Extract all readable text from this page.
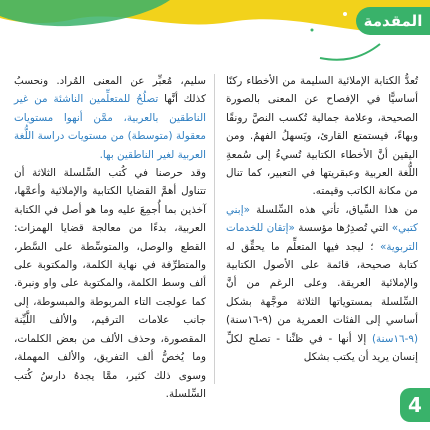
المقدمة

تُعدُّ الكتابة الإملائية السليمة من الأخطاء ركنًا أساسيًّا في الإفصاح عن المعنى بالصورة الصحيحة، وعلامة جمالية تُكسب النصَّ رونقًا وبهاءً، فيستمتع القارئ، ويَسهلُ الفهمُ. ومن اليقين أنَّ الأخطاء الكتابية تُسيءُ إلى سُمعةِ اللُّغة العربية وعبقريتها في التعبير، كما تنال من مكانة الكاتب وقيمته.

من هذا السِّياق، تأتي هذه السِّلسلة «إبني كتبي» التي تُصدِرُها مؤسسة «إتقان للخدمات التربوية» ؛ ليجد فيها المتعلِّم ما يحقِّق له كتابة صحيحة، قائمة على الأصول الكتابية والإملائية العريقة. وعلى الرغم من أنَّ السِّلسلة بمستوياتها الثلاثة موجَّهة بشكل أساسي إلى الفئات العمرية من (٩-١٦سنة) (٩-١٦سنة) إلا أنها - في ظنِّنا - تصلح لكلِّ إنسان يريد أن يكتب بشكل

سليم، مُعبِّر عن المعنى المُراد. ونحسبُ كذلك أنَّها تصلُحُ للمتعلِّمين الناشئة من غير الناطقين بالعربية، ممَّن أنهوا مستويات معقولة (متوسطة) من مستويات دراسة اللُّغة العربية لغير الناطقين بها.

وقد حرصنا في كُتب السِّلسلة الثلاثة أن تتناول أهمَّ القضايا الكتابية والإملائية وأعمَّها، آخذين بما أُجمِعَ عليه وما هو أصل في الكتابة العربية، بدءًا من معالجة قضايا الهمزات: القطع والوصل، والمتوسِّطة على السَّطر، والمتطرِّفة في نهاية الكلمة، والمكتوبة على ألف وسط الكلمة، والمكتوبة على واو ونبرة. كما عولجت التاء المربوطة والمبسوطة، إلى جانب علامات الترقيم، والألف اللَّيِّنة المقصورة، وحذف الألف من بعض الكلمات، وما يُخصُّ ألف التفريق، والألف المهملة، وسوى ذلك كثير، ممَّا يجدهُ دارسُ كُتب السِّلسلة.	4
